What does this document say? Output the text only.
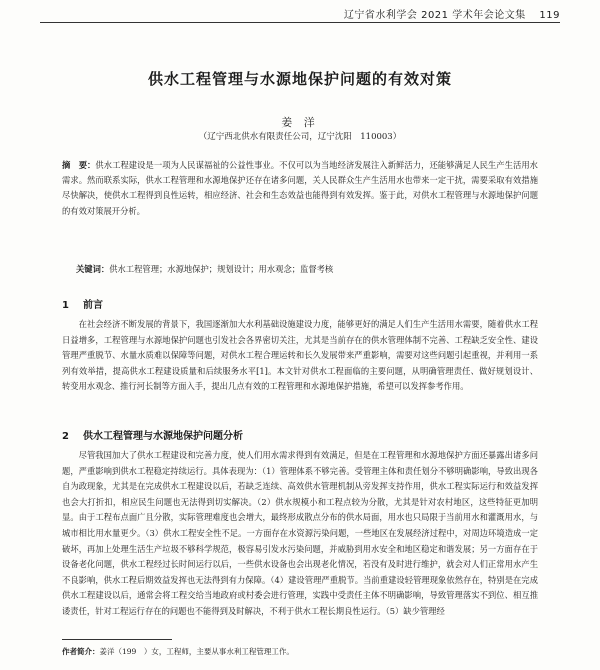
辽宁省水利学会 2021 学术年会论文集 119
供水工程管理与水源地保护问题的有效对策
姜 洋
（辽宁西北供水有限责任公司，辽宁沈阳　110003）
摘　要：供水工程建设是一项为人民谋福祉的公益性事业。不仅可以为当地经济发展注入新鲜活力，还能够满足人民生产生活用水需求。然而联系实际，供水工程管理和水源地保护还存在诸多问题，关人民群众生产生活用水也带来一定干扰，需要采取有效措施尽快解决，使供水工程得到良性运转，相应经济、社会和生态效益也能得到有效发挥。鉴于此，对供水工程管理与水源地保护问题的有效对策展开分析。
关键词：供水工程管理；水源地保护；规划设计；用水观念；监督考核
1 前言

在社会经济不断发展的背景下，我国逐渐加大水利基础设施建设力度，能够更好的满足人们生产生活用水需要，随着供水工程日益增多，工程管理与水源地保护问题也引发社会各界密切关注，尤其是当前存在的供水管理体制不完善、工程缺乏安全性、建设管理严重脱节、水量水质难以保障等问题，对供水工程合理运转和长久发展带来严重影响，需要对这些问题引起重视，并利用一系列有效举措，提高供水工程建设质量和后续服务水平[1]。本文针对供水工程面临的主要问题，从明确管理责任、做好规划设计、转变用水观念、推行河长制等方面入手，提出几点有效的工程管理和水源地保护措施，希望可以发挥参考作用。

2 供水工程管理与水源地保护问题分析

尽管我国加大了供水工程建设和完善力度，使人们用水需求得到有效满足，但是在工程管理和水源地保护方面还暴露出诸多问题，严重影响到供水工程稳定持续运行。具体表现为：（1）管理体系不够完善。受管理主体和责任划分不够明确影响，导致出现各自为政现象，尤其是在完成供水工程建设以后，若缺乏连续、高效供水管理机制从旁发挥支持作用，供水工程实际运行和效益发挥也会大打折扣，相应民生问题也无法得到切实解决。（2）供水规模小和工程点较为分散，尤其是针对农村地区，这些特征更加明显。由于工程布点面广且分散，实际管理难度也会增大，最终形成散点分布的供水局面，用水也只局限于当前用水和灌溉用水，与城市相比用水量更少。（3）供水工程安全性不足。一方面存在水资源污染问题，一些地区在发展经济过程中，对周边环境造成一定破坏，再加上处理生活生产垃圾不够科学规范，极容易引发水污染问题，并威胁到用水安全和地区稳定和谐发展；另一方面存在于设备老化问题，供水工程经过长时间运行以后，一些供水设备也会出现老化情况，若没有及时进行维护，就会对人们正常用水产生不良影响，供水工程后期效益发挥也无法得到有力保障。（4）建设管理严重脱节。当前重建设轻管理现象依然存在，特别是在完成供水工程建设以后，通常会将工程交给当地政府或村委会进行管理，实践中受责任主体不明确影响，导致管理落实不到位、相互推诿责任，针对工程运行存在的问题也不能得到及时解决，不利于供水工程长期良性运行。（5）缺少管理经

作者简介：姜洋（199　）女，工程师，主要从事水利工程管理工作。
